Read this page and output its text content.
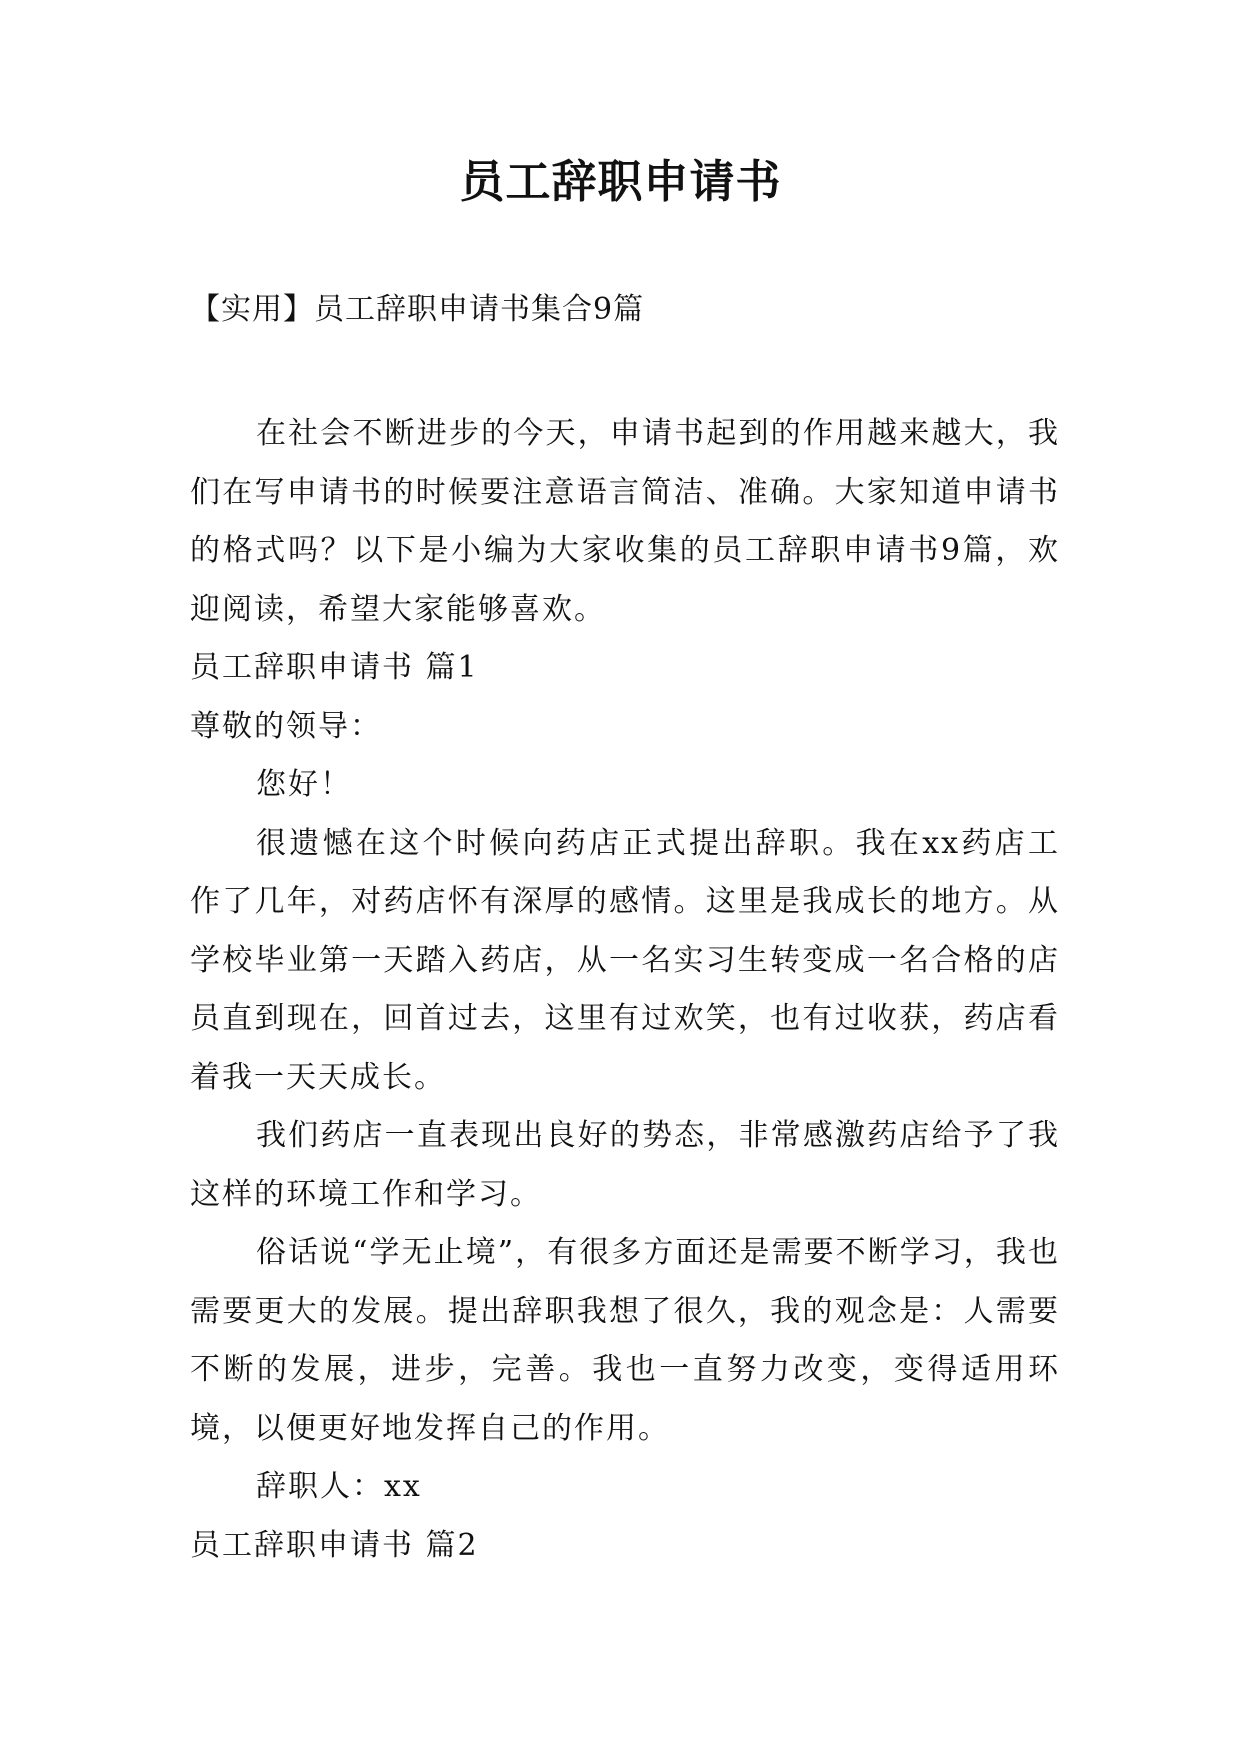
员工辞职申请书
【实用】员工辞职申请书集合9篇

在社会不断进步的今天，申请书起到的作用越来越大，我们在写申请书的时候要注意语言简洁、准确。大家知道申请书的格式吗？以下是小编为大家收集的员工辞职申请书9篇，欢迎阅读，希望大家能够喜欢。

员工辞职申请书 篇1

尊敬的领导：

您好！

很遗憾在这个时候向药店正式提出辞职。我在xx药店工作了几年，对药店怀有深厚的感情。这里是我成长的地方。从学校毕业第一天踏入药店，从一名实习生转变成一名合格的店员直到现在，回首过去，这里有过欢笑，也有过收获，药店看着我一天天成长。

我们药店一直表现出良好的势态，非常感激药店给予了我这样的环境工作和学习。

俗话说“学无止境”，有很多方面还是需要不断学习，我也需要更大的发展。提出辞职我想了很久，我的观念是：人需要不断的发展，进步，完善。我也一直努力改变，变得适用环境，以便更好地发挥自己的作用。

辞职人：xx

员工辞职申请书 篇2
